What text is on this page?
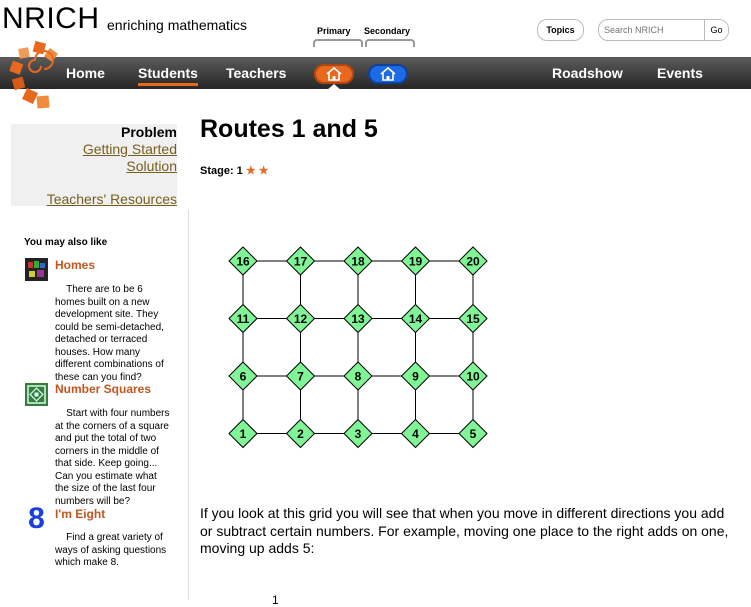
NRICH enriching mathematics	Primary Secondary	Topics
Search NRICH	Go
Home Students Teachers	Roadshow Events
Problem
Getting Started
Solution
Teachers' Resources
You may also like
Homes
There are to be 6 homes built on a new development site. They could be semi-detached, detached or terraced houses. How many different combinations of these can you find?
Number Squares
Start with four numbers at the corners of a square and put the total of two corners in the middle of that side. Keep going... Can you estimate what the size of the last four numbers will be?
8 I'm Eight
Find a great variety of ways of asking questions which make 8.
Routes 1 and 5
Stage: 1 ★ ★
16	17	18	19	20
11	12	13	14	15
6	7	8	9	10
1	2	3	4	5
If you look at this grid you will see that when you move in different directions you add or subtract certain numbers. For example, moving one place to the right adds on one, moving up adds 5:
1
